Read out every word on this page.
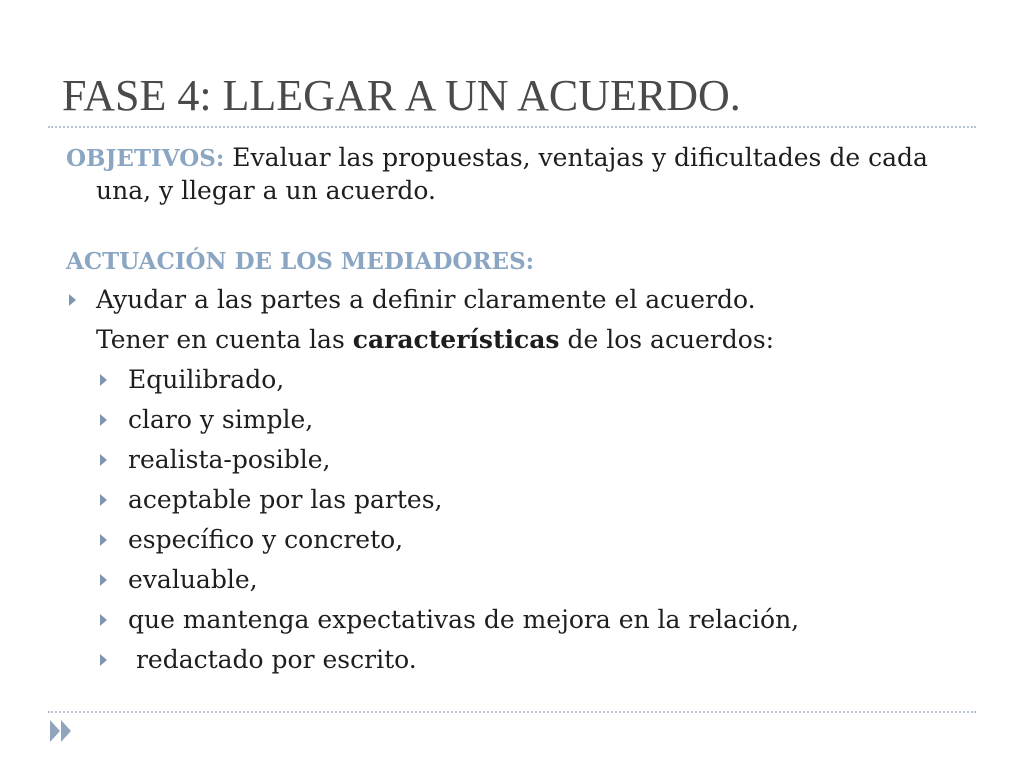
FASE 4: LLEGAR A UN ACUERDO.

OBJETIVOS: Evaluar las propuestas, ventajas y dificultades de cada una, y llegar a un acuerdo.

ACTUACIÓN DE LOS MEDIADORES:

Ayudar a las partes a definir claramente el acuerdo.
Tener en cuenta las características de los acuerdos:
Equilibrado,
claro y simple,
realista-posible,
aceptable por las partes,
específico y concreto,
evaluable,
que mantenga expectativas de mejora en la relación,
redactado por escrito.
